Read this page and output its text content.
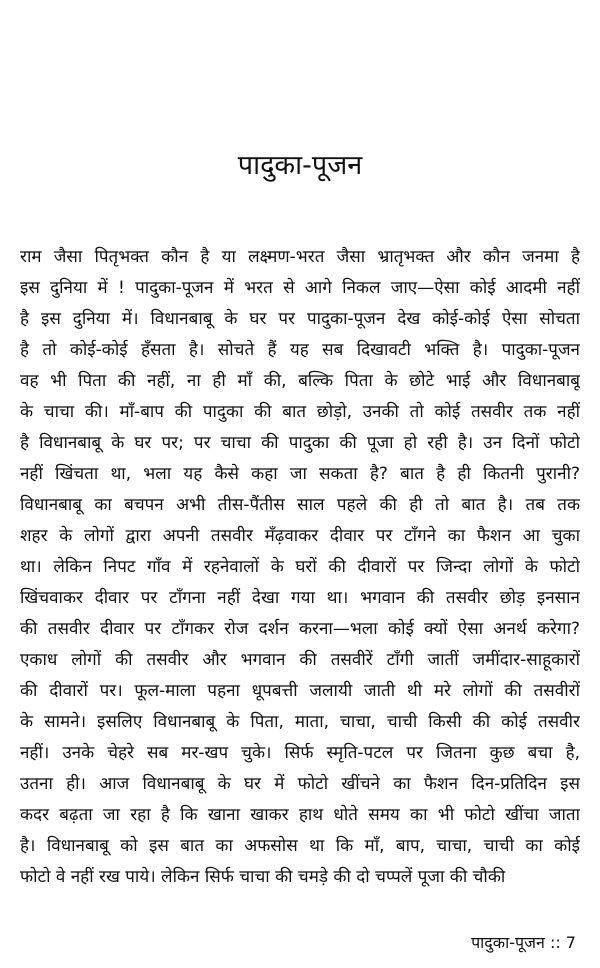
पादुका-पूजन
राम जैसा पितृभक्त कौन है या लक्ष्मण-भरत जैसा भ्रातृभक्त और कौन जनमा है
इस दुनिया में ! पादुका-पूजन में भरत से आगे निकल जाए—ऐसा कोई आदमी नहीं
है इस दुनिया में। विधानबाबू के घर पर पादुका-पूजन देख कोई-कोई ऐसा सोचता
है तो कोई-कोई हँसता है। सोचते हैं यह सब दिखावटी भक्ति है। पादुका-पूजन
वह भी पिता की नहीं, ना ही माँ की, बल्कि पिता के छोटे भाई और विधानबाबू
के चाचा की। माँ-बाप की पादुका की बात छोड़ो, उनकी तो कोई तसवीर तक नहीं
है विधानबाबू के घर पर; पर चाचा की पादुका की पूजा हो रही है। उन दिनों फोटो
नहीं खिंचता था, भला यह कैसे कहा जा सकता है? बात है ही कितनी पुरानी?
विधानबाबू का बचपन अभी तीस-पैंतीस साल पहले की ही तो बात है। तब तक
शहर के लोगों द्वारा अपनी तसवीर मँढ़वाकर दीवार पर टाँगने का फैशन आ चुका
था। लेकिन निपट गाँव में रहनेवालों के घरों की दीवारों पर जिन्दा लोगों के फोटो
खिंचवाकर दीवार पर टाँगना नहीं देखा गया था। भगवान की तसवीर छोड़ इनसान
की तसवीर दीवार पर टाँगकर रोज दर्शन करना—भला कोई क्यों ऐसा अनर्थ करेगा?
एकाध लोगों की तसवीर और भगवान की तसवीरें टाँगी जातीं जमींदार-साहूकारों
की दीवारों पर। फूल-माला पहना धूपबत्ती जलायी जाती थी मरे लोगों की तसवीरों
के सामने। इसलिए विधानबाबू के पिता, माता, चाचा, चाची किसी की कोई तसवीर
नहीं। उनके चेहरे सब मर-खप चुके। सिर्फ स्मृति-पटल पर जितना कुछ बचा है,
उतना ही। आज विधानबाबू के घर में फोटो खींचने का फैशन दिन-प्रतिदिन इस
कदर बढ़ता जा रहा है कि खाना खाकर हाथ धोते समय का भी फोटो खींचा जाता
है। विधानबाबू को इस बात का अफसोस था कि माँ, बाप, चाचा, चाची का कोई
फोटो वे नहीं रख पाये। लेकिन सिर्फ चाचा की चमड़े की दो चप्पलें पूजा की चौकी
पादुका-पूजन :: 7
